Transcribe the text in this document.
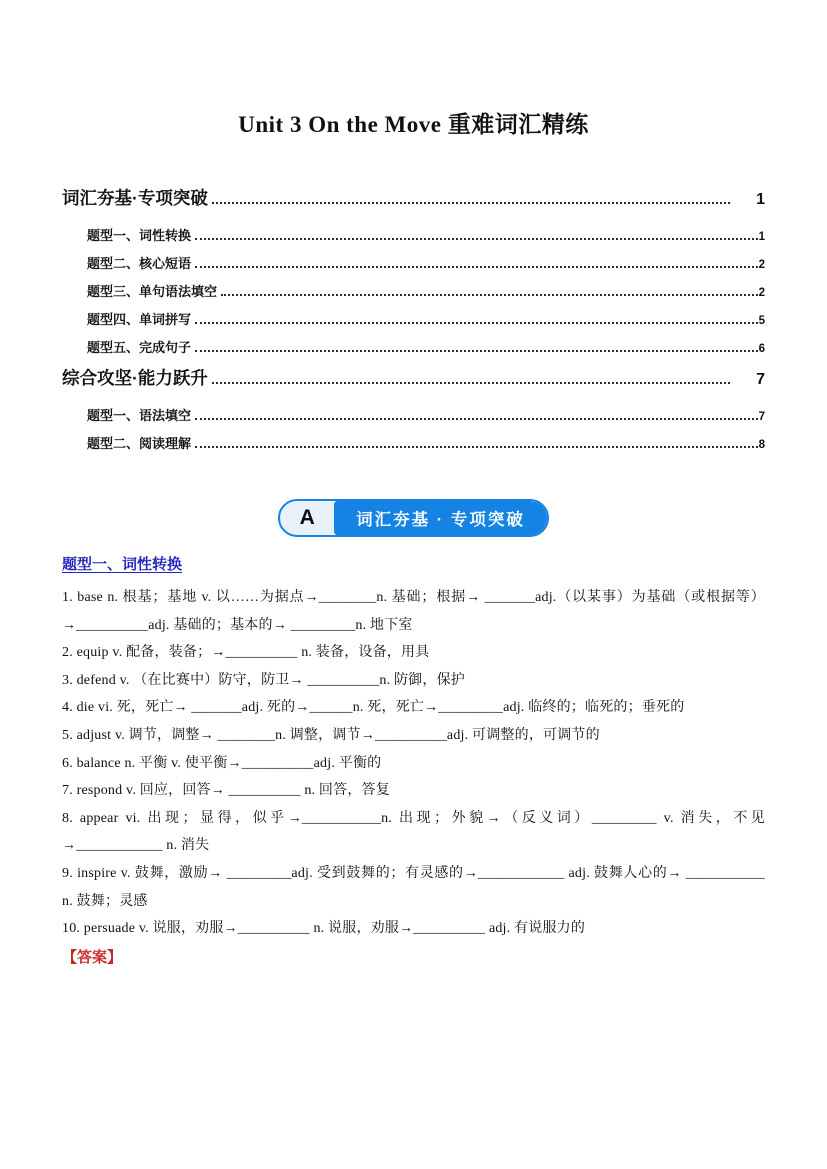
Unit 3 On the Move 重难词汇精练
词汇夯基·专项突破	1
题型一、词性转换	1
题型二、核心短语	2
题型三、单句语法填空	2
题型四、单词拼写	5
题型五、完成句子	6
综合攻坚·能力跃升	7
题型一、语法填空	7
题型二、阅读理解	8
A	词汇夯基 · 专项突破
题型一、词性转换

1. base n. 根基；基地 v. 以……为据点→________n. 基础；根据→ _______adj.（以某事）为基础（或根据等）→__________adj. 基础的；基本的→ _________n. 地下室

2. equip v. 配备，装备；→__________ n. 装备，设备，用具

3. defend v. （在比赛中）防守，防卫→ __________n. 防御，保护

4. die vi. 死，死亡→ _______adj. 死的→______n. 死，死亡→_________adj. 临终的；临死的；垂死的

5. adjust v. 调节，调整→ ________n. 调整，调节→__________adj. 可调整的，可调节的

6. balance n. 平衡 v. 使平衡→__________adj. 平衡的

7. respond v. 回应，回答→ __________ n. 回答，答复

8. appear vi. 出现；显得，似乎→___________n. 出现；外貌→（反义词）_________ v. 消失，不见→____________ n. 消失

9. inspire v. 鼓舞，激励→ _________adj. 受到鼓舞的；有灵感的→____________ adj. 鼓舞人心的→ ___________ n. 鼓舞；灵感

10. persuade v. 说服，劝服→__________ n. 说服，劝服→__________ adj. 有说服力的

【答案】
